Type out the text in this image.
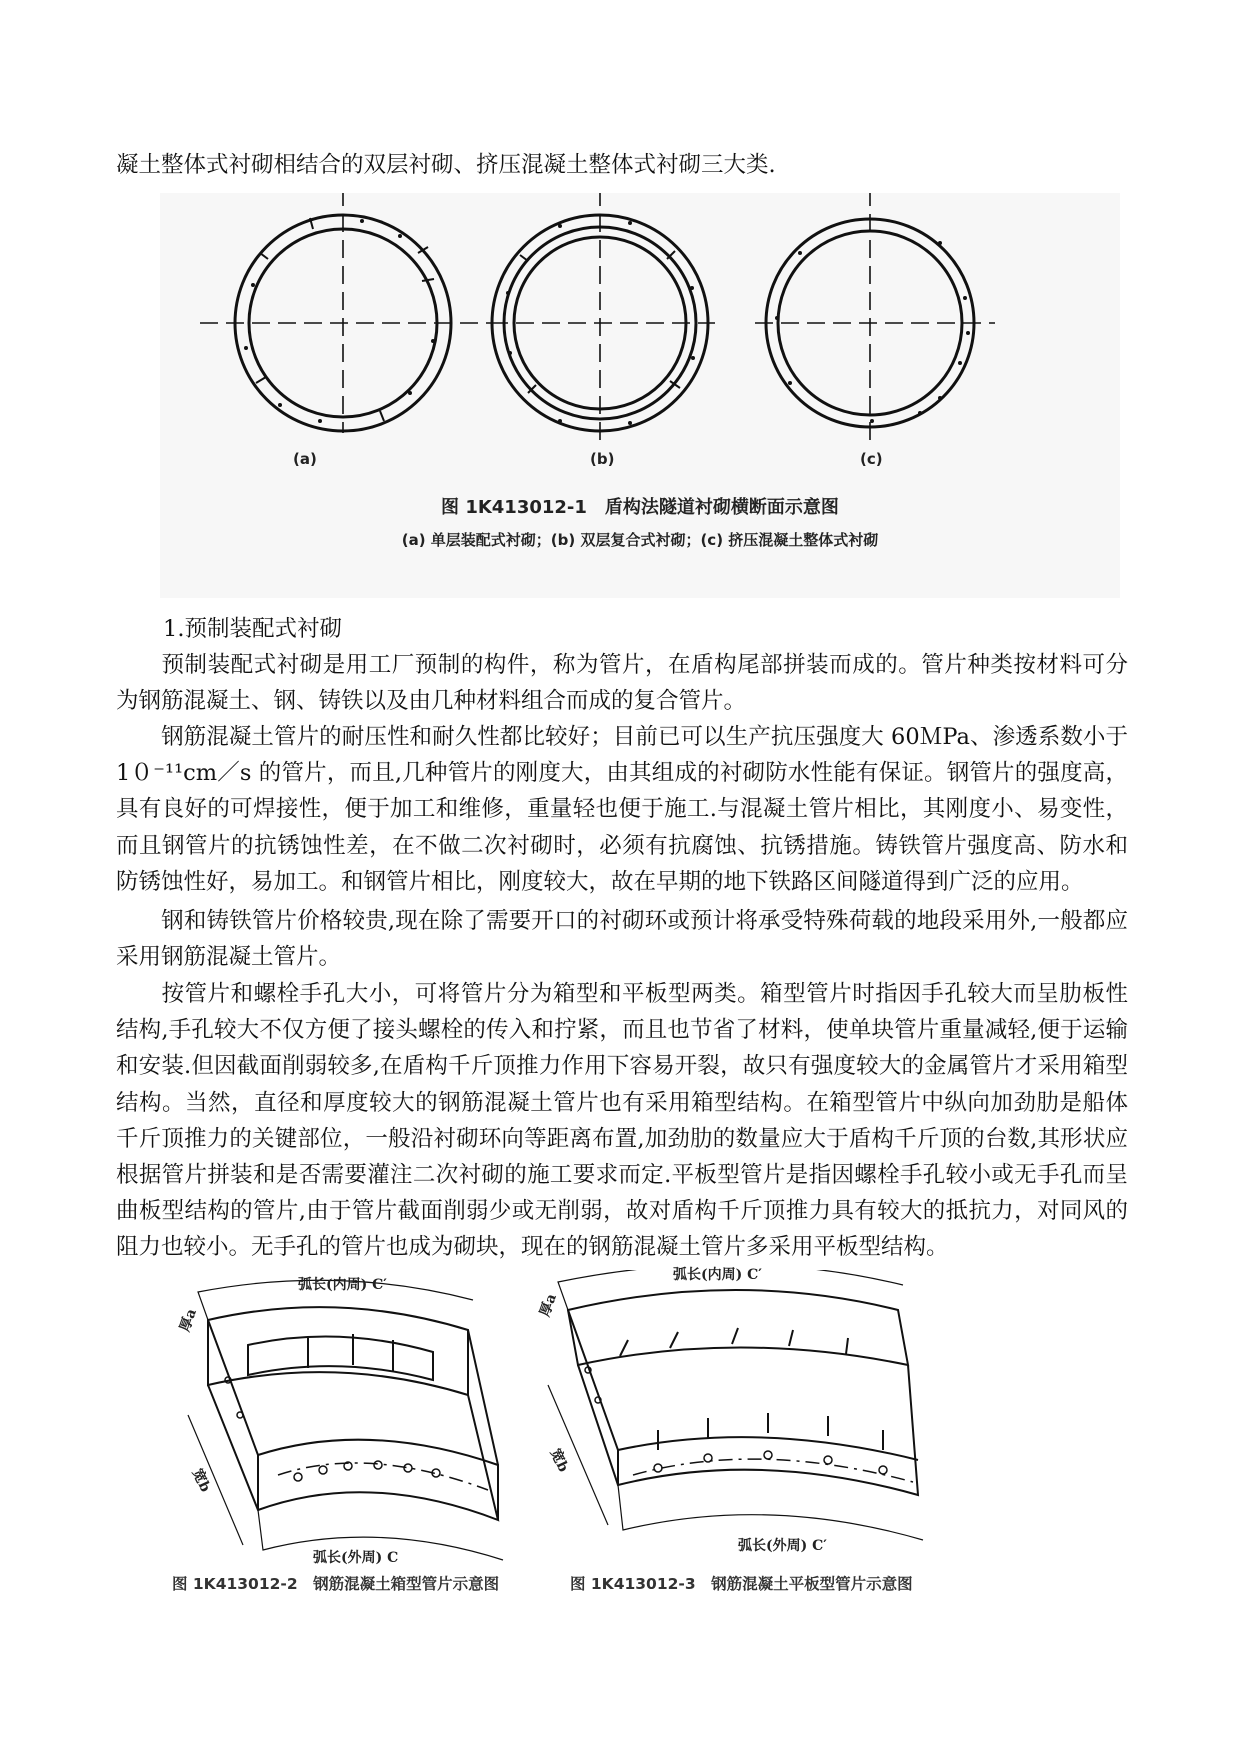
凝土整体式衬砌相结合的双层衬砌、挤压混凝土整体式衬砌三大类.
(a)	(b)	(c)
图 1K413012-1　盾构法隧道衬砌横断面示意图
(a) 单层装配式衬砌；(b) 双层复合式衬砌；(c) 挤压混凝土整体式衬砌
1.预制装配式衬砌
预制装配式衬砌是用工厂预制的构件，称为管片，在盾构尾部拼装而成的。管片种类按材料可分为钢筋混凝土、钢、铸铁以及由几种材料组合而成的复合管片。
钢筋混凝土管片的耐压性和耐久性都比较好；目前已可以生产抗压强度大 60ＭPa、渗透系数小于 1０⁻¹¹cm／s 的管片，而且,几种管片的刚度大，由其组成的衬砌防水性能有保证。钢管片的强度高，具有良好的可焊接性，便于加工和维修，重量轻也便于施工.与混凝土管片相比，其刚度小、易变性，而且钢管片的抗锈蚀性差，在不做二次衬砌时，必须有抗腐蚀、抗锈措施。铸铁管片强度高、防水和防锈蚀性好，易加工。和钢管片相比，刚度较大，故在早期的地下铁路区间隧道得到广泛的应用。
钢和铸铁管片价格较贵,现在除了需要开口的衬砌环或预计将承受特殊荷载的地段采用外,一般都应采用钢筋混凝土管片。
按管片和螺栓手孔大小，可将管片分为箱型和平板型两类。箱型管片时指因手孔较大而呈肋板性结构,手孔较大不仅方便了接头螺栓的传入和拧紧，而且也节省了材料，使单块管片重量减轻,便于运输和安装.但因截面削弱较多,在盾构千斤顶推力作用下容易开裂，故只有强度较大的金属管片才采用箱型结构。当然，直径和厚度较大的钢筋混凝土管片也有采用箱型结构。在箱型管片中纵向加劲肋是船体千斤顶推力的关键部位，一般沿衬砌环向等距离布置,加劲肋的数量应大于盾构千斤顶的台数,其形状应根据管片拼装和是否需要灌注二次衬砌的施工要求而定.平板型管片是指因螺栓手孔较小或无手孔而呈曲板型结构的管片,由于管片截面削弱少或无削弱，故对盾构千斤顶推力具有较大的抵抗力，对同风的阻力也较小。无手孔的管片也成为砌块，现在的钢筋混凝土管片多采用平板型结构。
弧长(内周) C′
弧长(外周) C
厚a
宽b
弧长(内周) C′
弧长(外周) C′
厚a
宽b
图 1K413012-2　钢筋混凝土箱型管片示意图	图 1K413012-3　钢筋混凝土平板型管片示意图
